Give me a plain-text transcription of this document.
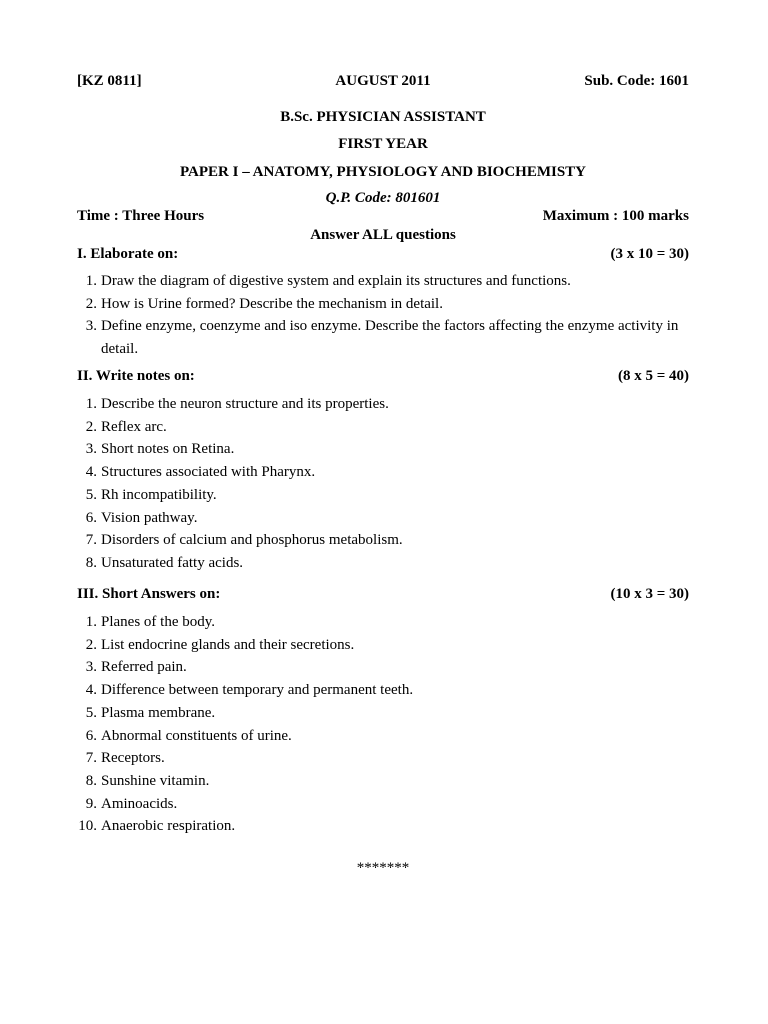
[KZ 0811]	AUGUST 2011	Sub. Code: 1601
B.Sc. PHYSICIAN ASSISTANT
FIRST YEAR
PAPER I – ANATOMY, PHYSIOLOGY AND BIOCHEMISTY
Q.P. Code: 801601
Time : Three Hours	Maximum : 100 marks
Answer ALL questions
I. Elaborate on:	(3 x 10 = 30)
1. Draw the diagram of digestive system and explain its structures and functions.
2. How is Urine formed? Describe the mechanism in detail.
3. Define enzyme, coenzyme and iso enzyme. Describe the factors affecting the enzyme activity in detail.
II. Write notes on:	(8 x 5 = 40)
1. Describe the neuron structure and its properties.
2. Reflex arc.
3. Short notes on Retina.
4. Structures associated with Pharynx.
5. Rh incompatibility.
6. Vision pathway.
7. Disorders of calcium and phosphorus metabolism.
8. Unsaturated fatty acids.
III. Short Answers on:	(10 x 3 = 30)
1. Planes of the body.
2. List endocrine glands and their secretions.
3. Referred pain.
4. Difference between temporary and permanent teeth.
5. Plasma membrane.
6. Abnormal constituents of urine.
7. Receptors.
8. Sunshine vitamin.
9. Aminoacids.
10. Anaerobic respiration.
*******
